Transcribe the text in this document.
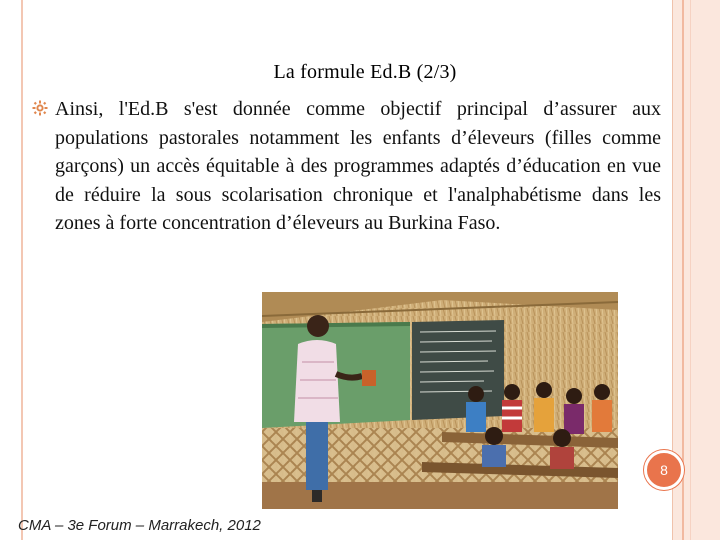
La formule Ed.B (2/3)
Ainsi, l'Ed.B s'est donnée comme objectif principal d’assurer aux populations pastorales notamment les enfants d’éleveurs (filles comme garçons) un accès équitable à des programmes adaptés d’éducation en vue de réduire la sous scolarisation chronique et l'analphabétisme dans les zones à forte concentration d’éleveurs au Burkina Faso.
8
CMA – 3e Forum – Marrakech, 2012
